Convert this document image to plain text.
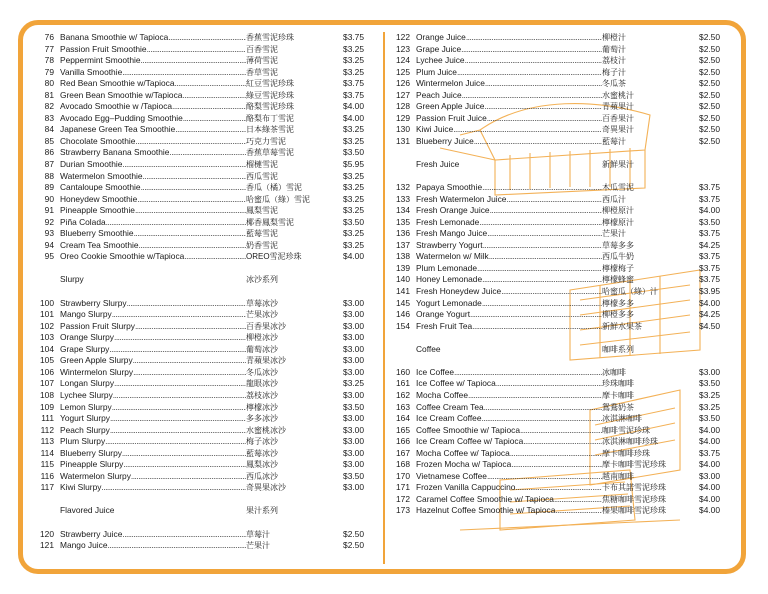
76 Banana Smoothie w/ Tapioca .....	香蕉雪泥珍珠	$3.75
77 Passion Fruit Smoothie .....	百香雪泥	$3.25
78 Peppermint Smoothie .....	薄荷雪泥	$3.25
79 Vanilla Smoothie .....	香草雪泥	$3.25
80 Red Bean Smoothie w/Tapioca .....	紅豆雪泥珍珠	$3.75
81 Green Bean Smoothie w/Tapioca .....	綠豆雪泥珍珠	$3.75
82 Avocado Smoothie w /Tapioca .....	酪梨雪泥珍珠	$4.00
83 Avocado Egg–Pudding Smoothie .....	酪梨布丁雪泥	$4.00
84 Japanese Green Tea Smoothie .....	日本綠茶雪泥	$3.25
85 Chocolate Smoothie .....	巧克力雪泥	$3.25
86 Strawberry Banana Smoothie .....	香蕉草莓雪泥	$3.50
87 Durian Smoothie .....	榴槤雪泥	$5.95
88 Watermelon Smoothie .....	西瓜雪泥	$3.25
89 Cantaloupe Smoothie .....	香瓜（橘）雪泥	$3.25
90 Honeydew Smoothie .....	哈蜜瓜（綠）雪泥	$3.25
91 Pineapple Smoothie .....	鳳梨雪泥	$3.25
92 Piña Colada .....	椰香鳳梨雪泥	$3.50
93 Blueberry Smoothie .....	藍莓雪泥	$3.25
94 Cream Tea Smoothie .....	奶香雪泥	$3.25
95 Oreo Cookie Smoothie w/Tapioca .....	OREO雪泥珍珠	$4.00
Slurpy	冰沙系列
100 Strawberry Slurpy .....	草莓冰沙	$3.00
101 Mango Slurpy .....	芒果冰沙	$3.00
102 Passion Fruit Slurpy .....	百香果冰沙	$3.00
103 Orange Slurpy .....	柳橙冰沙	$3.00
104 Grape Slurpy .....	葡萄冰沙	$3.00
105 Green Apple Slurpy .....	青蘋果冰沙	$3.00
106 Wintermelon Slurpy .....	冬瓜冰沙	$3.00
107 Longan Slurpy .....	龍眼冰沙	$3.25
108 Lychee Slurpy .....	荔枝冰沙	$3.00
109 Lemon Slurpy .....	檸檬冰沙	$3.50
111 Yogurt Slurpy .....	多多冰沙	$3.00
112 Peach Slurpy .....	水蜜桃冰沙	$3.00
113 Plum Slurpy .....	梅子冰沙	$3.00
114 Blueberry Slurpy .....	藍莓冰沙	$3.00
115 Pineapple Slurpy .....	鳳梨冰沙	$3.00
116 Watermelon Slurpy .....	西瓜冰沙	$3.50
117 Kiwi Slurpy .....	奇異果冰沙	$3.00
Flavored Juice	果汁系列
120 Strawberry Juice .....	草莓汁	$2.50
121 Mango Juice .....	芒果汁	$2.50
122 Orange Juice .....	柳橙汁	$2.50
123 Grape Juice .....	葡萄汁	$2.50
124 Lychee Juice .....	荔枝汁	$2.50
125 Plum Juice .....	梅子汁	$2.50
126 Wintermelon Juice .....	冬瓜茶	$2.50
127 Peach Juice .....	水蜜桃汁	$2.50
128 Green Apple Juice .....	青蘋果汁	$2.50
129 Passion Fruit Juice .....	百香果汁	$2.50
130 Kiwi Juice .....	奇異果汁	$2.50
131 Blueberry Juice .....	藍莓汁	$2.50
Fresh Juice	新鮮果汁
132 Papaya Smoothie .....	木瓜雪泥	$3.75
133 Fresh Watermelon Juice .....	西瓜汁	$3.75
134 Fresh Orange Juice .....	柳橙原汁	$4.00
135 Fresh Lemonade .....	檸檬原汁	$3.50
136 Fresh Mango Juice .....	芒果汁	$3.75
137 Strawberry Yogurt .....	草莓多多	$4.25
138 Watermelon w/ Milk .....	西瓜牛奶	$3.75
139 Plum Lemonade .....	檸檬梅子	$3.75
140 Honey Lemonade .....	檸檬蜂蜜	$3.75
141 Fresh Honeydew Juice .....	哈蜜瓜（綠）汁	$3.95
145 Yogurt Lemonade .....	檸檬多多	$4.00
146 Orange Yogurt .....	柳橙多多	$4.25
154 Fresh Fruit Tea .....	新鮮水果茶	$4.50
Coffee	咖啡系列
160 Ice Coffee .....	冰咖啡	$3.00
161 Ice Coffee w/ Tapioca .....	珍珠咖啡	$3.50
162 Mocha Coffee .....	摩卡咖啡	$3.25
163 Coffee Cream Tea .....	鴛鴦奶茶	$3.25
164 Ice Cream Coffee .....	冰淇淋咖啡	$3.50
165 Coffee Smoothie w/ Tapioca .....	咖啡雪泥珍珠	$4.00
166 Ice Cream Coffee w/ Tapioca .....	冰淇淋咖啡珍珠	$4.00
167 Mocha Coffee w/ Tapioca .....	摩卡咖啡珍珠	$3.75
168 Frozen Mocha w/ Tapioca .....	摩卡咖啡雪泥珍珠	$4.00
170 Vietnamese Coffee .....	越南咖啡	$3.00
171 Frozen Vanilla Cappuccino .....	卡布其諾雪泥珍珠	$4.00
172 Caramel Coffee Smoothie w/ Tapioca .....	焦糖咖啡雪泥珍珠	$4.00
173 Hazelnut Coffee Smoothie w/ Tapioca .....	榛果咖啡雪泥珍珠	$4.00
